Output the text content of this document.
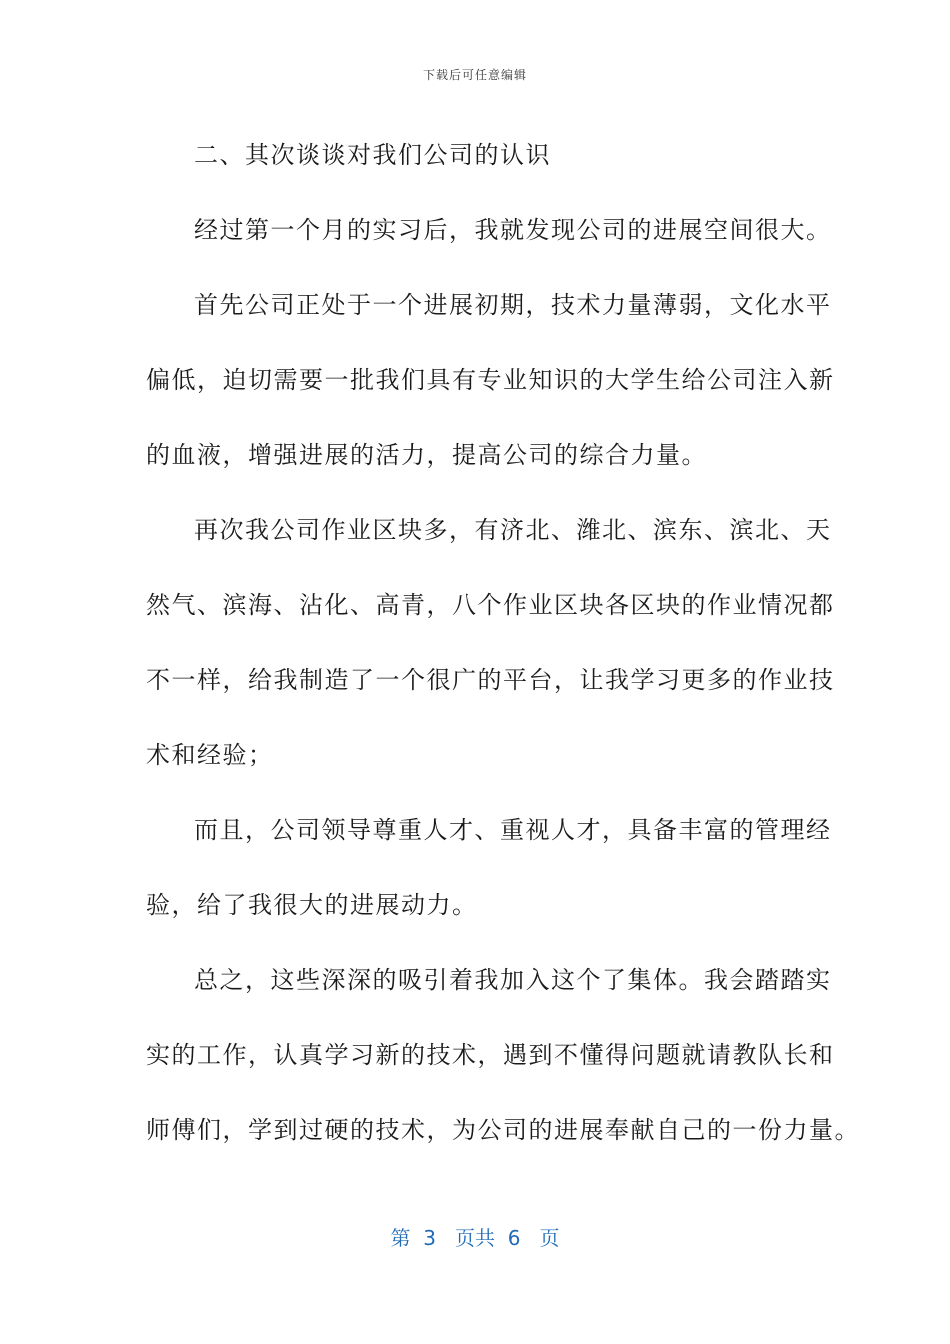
下载后可任意编辑
二、其次谈谈对我们公司的认识
经过第一个月的实习后，我就发现公司的进展空间很大。
首先公司正处于一个进展初期，技术力量薄弱，文化水平
偏低，迫切需要一批我们具有专业知识的大学生给公司注入新
的血液，增强进展的活力，提高公司的综合力量。
再次我公司作业区块多，有济北、潍北、滨东、滨北、天
然气、滨海、沾化、高青，八个作业区块各区块的作业情况都
不一样，给我制造了一个很广的平台，让我学习更多的作业技
术和经验；
而且，公司领导尊重人才、重视人才，具备丰富的管理经
验，给了我很大的进展动力。
总之，这些深深的吸引着我加入这个了集体。我会踏踏实
实的工作，认真学习新的技术，遇到不懂得问题就请教队长和
师傅们，学到过硬的技术，为公司的进展奉献自己的一份力量。
第  3   页共  6   页
